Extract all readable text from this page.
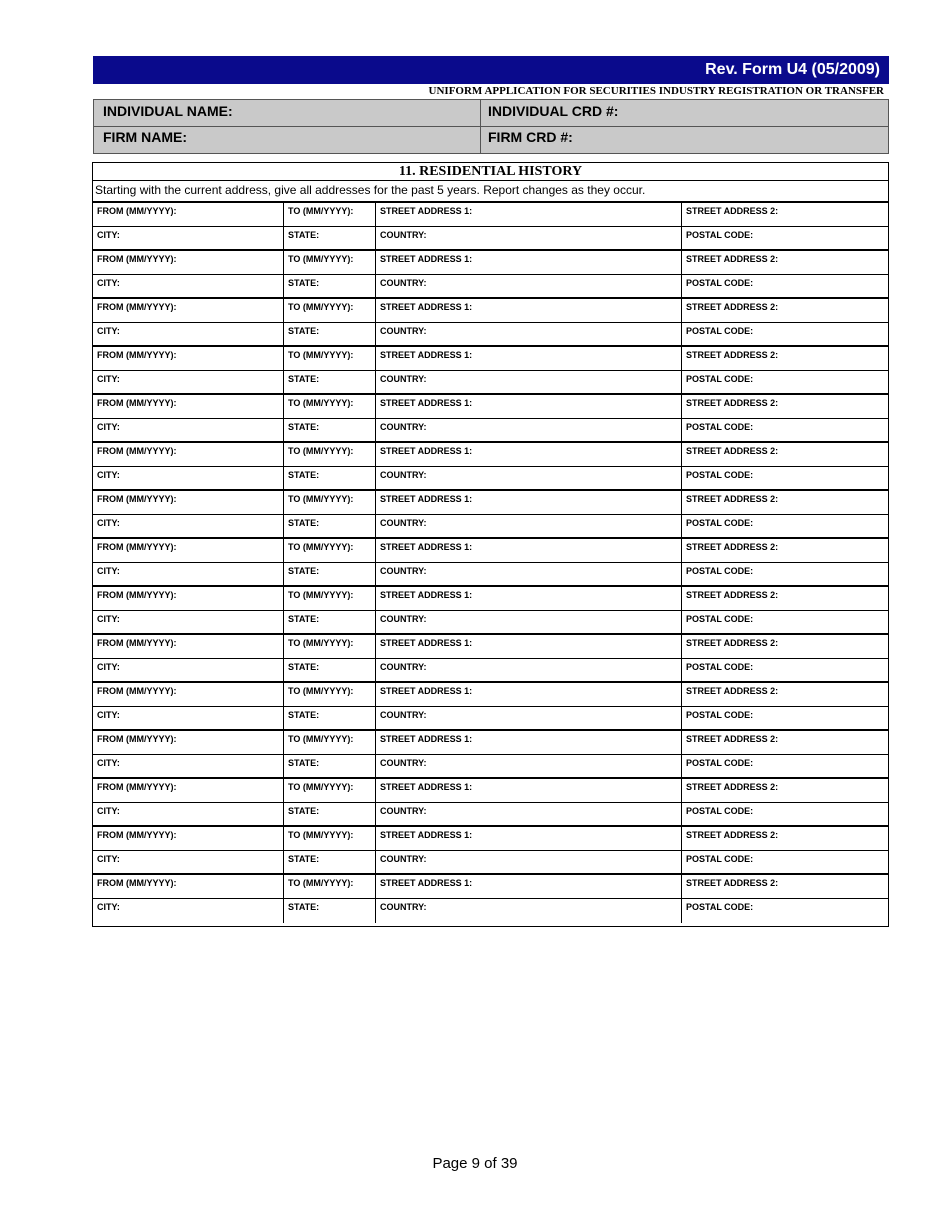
Rev. Form U4 (05/2009)
UNIFORM APPLICATION FOR SECURITIES INDUSTRY REGISTRATION OR TRANSFER
INDIVIDUAL NAME:	INDIVIDUAL CRD #:
FIRM NAME:	FIRM CRD #:
11. RESIDENTIAL HISTORY
Starting with the current address, give all addresses for the past 5 years. Report changes as they occur.
FROM (MM/YYYY):	TO (MM/YYYY):	STREET ADDRESS 1:	STREET ADDRESS 2:
CITY:	STATE:	COUNTRY:	POSTAL CODE:
FROM (MM/YYYY):	TO (MM/YYYY):	STREET ADDRESS 1:	STREET ADDRESS 2:
CITY:	STATE:	COUNTRY:	POSTAL CODE:
FROM (MM/YYYY):	TO (MM/YYYY):	STREET ADDRESS 1:	STREET ADDRESS 2:
CITY:	STATE:	COUNTRY:	POSTAL CODE:
FROM (MM/YYYY):	TO (MM/YYYY):	STREET ADDRESS 1:	STREET ADDRESS 2:
CITY:	STATE:	COUNTRY:	POSTAL CODE:
FROM (MM/YYYY):	TO (MM/YYYY):	STREET ADDRESS 1:	STREET ADDRESS 2:
CITY:	STATE:	COUNTRY:	POSTAL CODE:
FROM (MM/YYYY):	TO (MM/YYYY):	STREET ADDRESS 1:	STREET ADDRESS 2:
CITY:	STATE:	COUNTRY:	POSTAL CODE:
FROM (MM/YYYY):	TO (MM/YYYY):	STREET ADDRESS 1:	STREET ADDRESS 2:
CITY:	STATE:	COUNTRY:	POSTAL CODE:
FROM (MM/YYYY):	TO (MM/YYYY):	STREET ADDRESS 1:	STREET ADDRESS 2:
CITY:	STATE:	COUNTRY:	POSTAL CODE:
FROM (MM/YYYY):	TO (MM/YYYY):	STREET ADDRESS 1:	STREET ADDRESS 2:
CITY:	STATE:	COUNTRY:	POSTAL CODE:
FROM (MM/YYYY):	TO (MM/YYYY):	STREET ADDRESS 1:	STREET ADDRESS 2:
CITY:	STATE:	COUNTRY:	POSTAL CODE:
FROM (MM/YYYY):	TO (MM/YYYY):	STREET ADDRESS 1:	STREET ADDRESS 2:
CITY:	STATE:	COUNTRY:	POSTAL CODE:
FROM (MM/YYYY):	TO (MM/YYYY):	STREET ADDRESS 1:	STREET ADDRESS 2:
CITY:	STATE:	COUNTRY:	POSTAL CODE:
FROM (MM/YYYY):	TO (MM/YYYY):	STREET ADDRESS 1:	STREET ADDRESS 2:
CITY:	STATE:	COUNTRY:	POSTAL CODE:
FROM (MM/YYYY):	TO (MM/YYYY):	STREET ADDRESS 1:	STREET ADDRESS 2:
CITY:	STATE:	COUNTRY:	POSTAL CODE:
FROM (MM/YYYY):	TO (MM/YYYY):	STREET ADDRESS 1:	STREET ADDRESS 2:
CITY:	STATE:	COUNTRY:	POSTAL CODE:
Page 9 of 39
